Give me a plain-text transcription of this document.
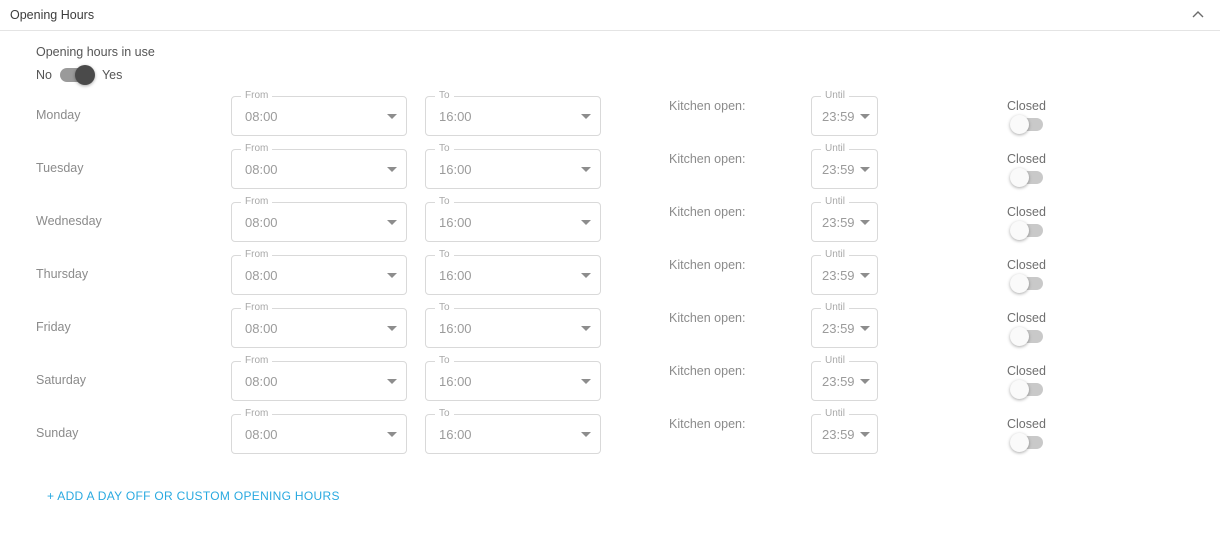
Opening Hours
Opening hours in use
No	Yes
Monday
From
08:00
To
16:00
Kitchen open:
Until
23:59
Closed
Tuesday
From
08:00
To
16:00
Kitchen open:
Until
23:59
Closed
Wednesday
From
08:00
To
16:00
Kitchen open:
Until
23:59
Closed
Thursday
From
08:00
To
16:00
Kitchen open:
Until
23:59
Closed
Friday
From
08:00
To
16:00
Kitchen open:
Until
23:59
Closed
Saturday
From
08:00
To
16:00
Kitchen open:
Until
23:59
Closed
Sunday
From
08:00
To
16:00
Kitchen open:
Until
23:59
Closed
+ ADD A DAY OFF OR CUSTOM OPENING HOURS
